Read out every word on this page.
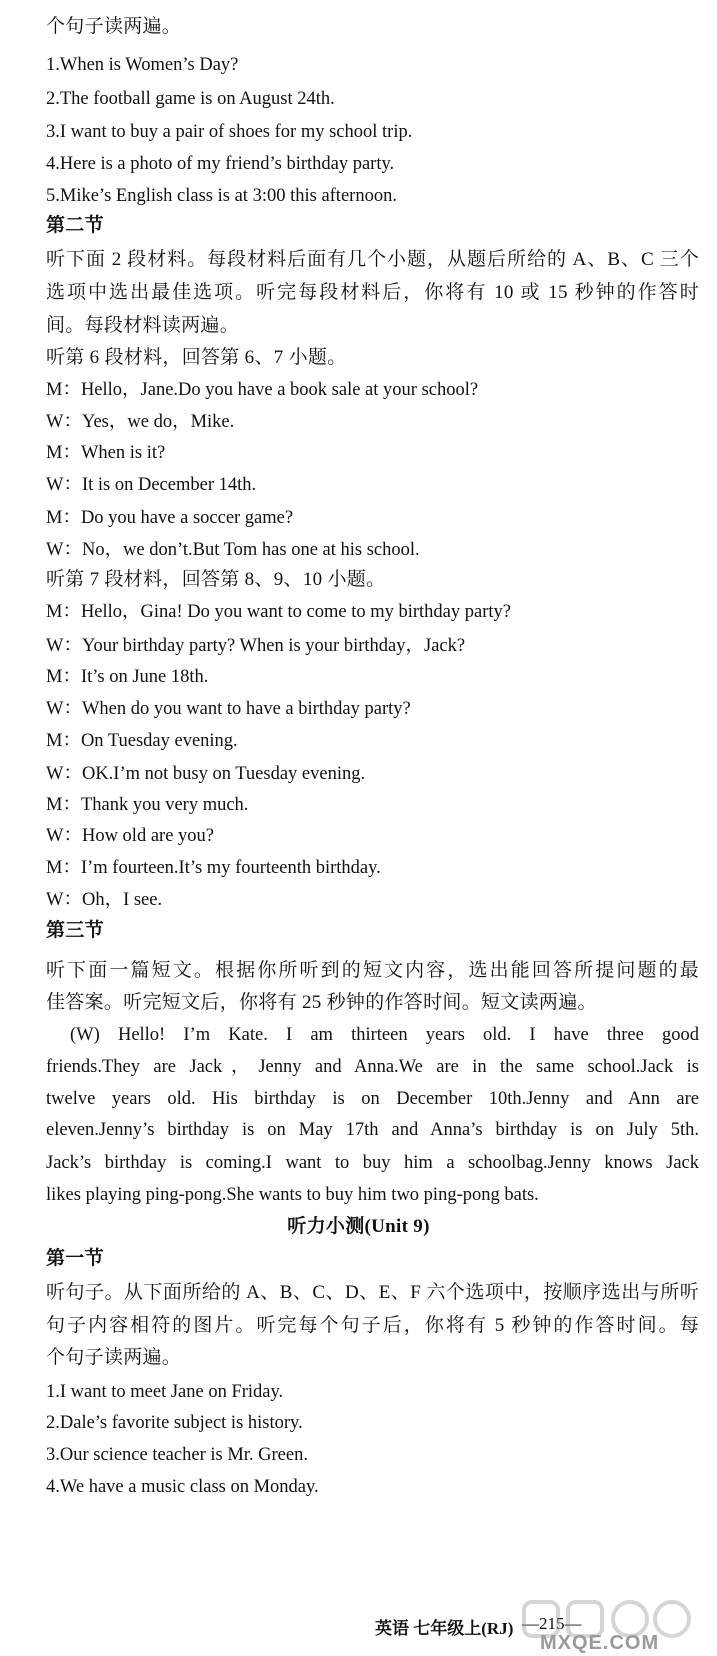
个句子读两遍。
1.When is Women’s Day?
2.The football game is on August 24th.
3.I want to buy a pair of shoes for my school trip.
4.Here is a photo of my friend’s birthday party.
5.Mike’s English class is at 3:00 this afternoon.
第二节
听下面 2 段材料。每段材料后面有几个小题，从题后所给的 A、B、C 三个
选项中选出最佳选项。听完每段材料后，你将有 10 或 15 秒钟的作答时
间。每段材料读两遍。
听第 6 段材料，回答第 6、7 小题。
M：Hello，Jane.Do you have a book sale at your school?
W：Yes，we do，Mike.
M：When is it?
W：It is on December 14th.
M：Do you have a soccer game?
W：No，we don’t.But Tom has one at his school.
听第 7 段材料，回答第 8、9、10 小题。
M：Hello，Gina! Do you want to come to my birthday party?
W：Your birthday party? When is your birthday，Jack?
M：It’s on June 18th.
W：When do you want to have a birthday party?
M：On Tuesday evening.
W：OK.I’m not busy on Tuesday evening.
M：Thank you very much.
W：How old are you?
M：I’m fourteen.It’s my fourteenth birthday.
W：Oh，I see.
第三节
听下面一篇短文。根据你所听到的短文内容，选出能回答所提问题的最
佳答案。听完短文后，你将有 25 秒钟的作答时间。短文读两遍。
(W) Hello! I’m Kate. I am thirteen years old. I have three good
friends.They are Jack，Jenny and Anna.We are in the same school.Jack is
twelve years old. His birthday is on December 10th.Jenny and Ann are
eleven.Jenny’s birthday is on May 17th and Anna’s birthday is on July 5th.
Jack’s birthday is coming.I want to buy him a schoolbag.Jenny knows Jack
likes playing ping-pong.She wants to buy him two ping-pong bats.
听力小测(Unit 9)
第一节
听句子。从下面所给的 A、B、C、D、E、F 六个选项中，按顺序选出与所听
句子内容相符的图片。听完每个句子后，你将有 5 秒钟的作答时间。每
个句子读两遍。
1.I want to meet Jane on Friday.
2.Dale’s favorite subject is history.
3.Our science teacher is Mr. Green.
4.We have a music class on Monday.
英语 七年级上(RJ) —215—
MXQE.COM
